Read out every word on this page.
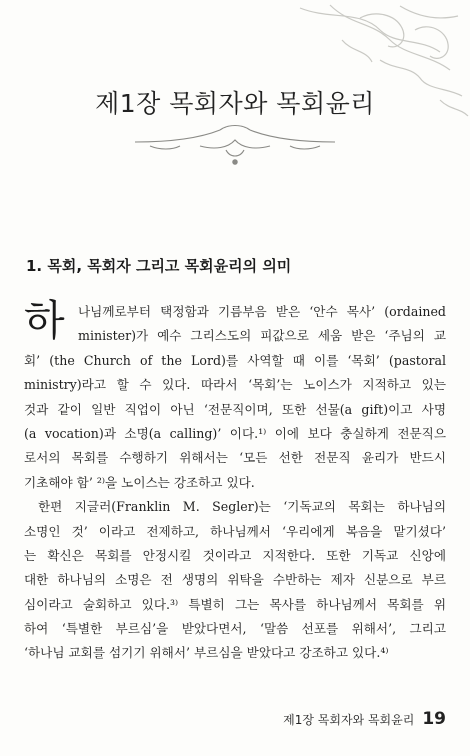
제1장 목회자와 목회윤리
1. 목회, 목회자 그리고 목회윤리의 의미
하	나님께로부터 택정함과 기름부음 받은 ‘안수 목사’ (ordained
minister)가 예수 그리스도의 피값으로 세움 받은 ‘주님의 교
회’ (the Church of the Lord)를 사역할 때 이를 ‘목회’ (pastoral
ministry)라고 할 수 있다. 따라서 ‘목회’는 노이스가 지적하고 있는
것과 같이 일반 직업이 아닌 ‘전문직이며, 또한 선물(a gift)이고 사명
(a vocation)과 소명(a calling)’ 이다.¹⁾ 이에 보다 충실하게 전문직으
로서의 목회를 수행하기 위해서는 ‘모든 선한 전문직 윤리가 반드시
기초해야 함’ ²⁾을 노이스는 강조하고 있다.
한편 지글러(Franklin M. Segler)는 ‘기독교의 목회는 하나님의
소명인 것’ 이라고 전제하고, 하나님께서 ‘우리에게 복음을 맡기셨다’
는 확신은 목회를 안정시킬 것이라고 지적한다. 또한 기독교 신앙에
대한 하나님의 소명은 전 생명의 위탁을 수반하는 제자 신분으로 부르
심이라고 술회하고 있다.³⁾ 특별히 그는 목사를 하나님께서 목회를 위
하여 ‘특별한 부르심’을 받았다면서, ‘말씀 선포를 위해서’, 그리고
‘하나님 교회를 섬기기 위해서’ 부르심을 받았다고 강조하고 있다.⁴⁾
제1장 목회자와 목회윤리 19
